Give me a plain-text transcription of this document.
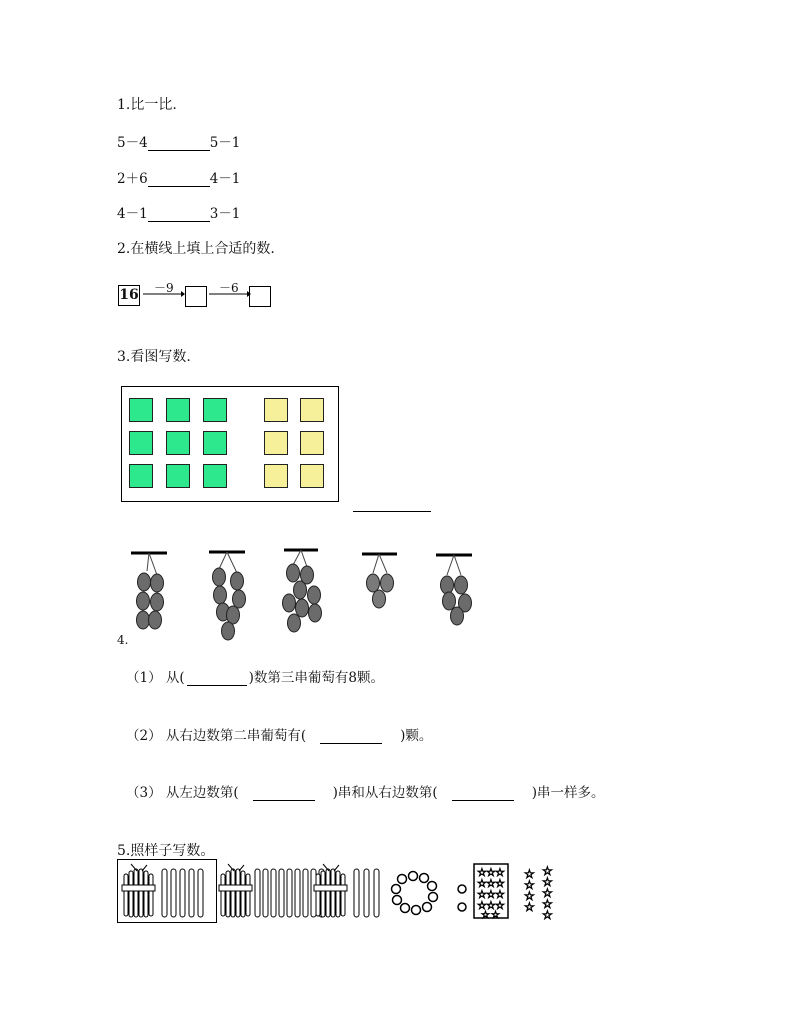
1.比一比.
5－4	5－1
2＋6	4－1
4－1	3－1
2.在横线上填上合适的数.
16 －9	－6
3.看图写数.
4.
（1） 从(	)数第三串葡萄有8颗。
（2） 从右边数第二串葡萄有(	)颗。
（3） 从左边数第(	)串和从右边数第(	)串一样多。
5.照样子写数。
☆ ☆ ☆
☆ ☆ ☆
☆ ☆ ☆
☆ ☆ ☆
☆ ☆
☆ ☆
☆ ☆
☆ ☆
☆ ☆
☆
